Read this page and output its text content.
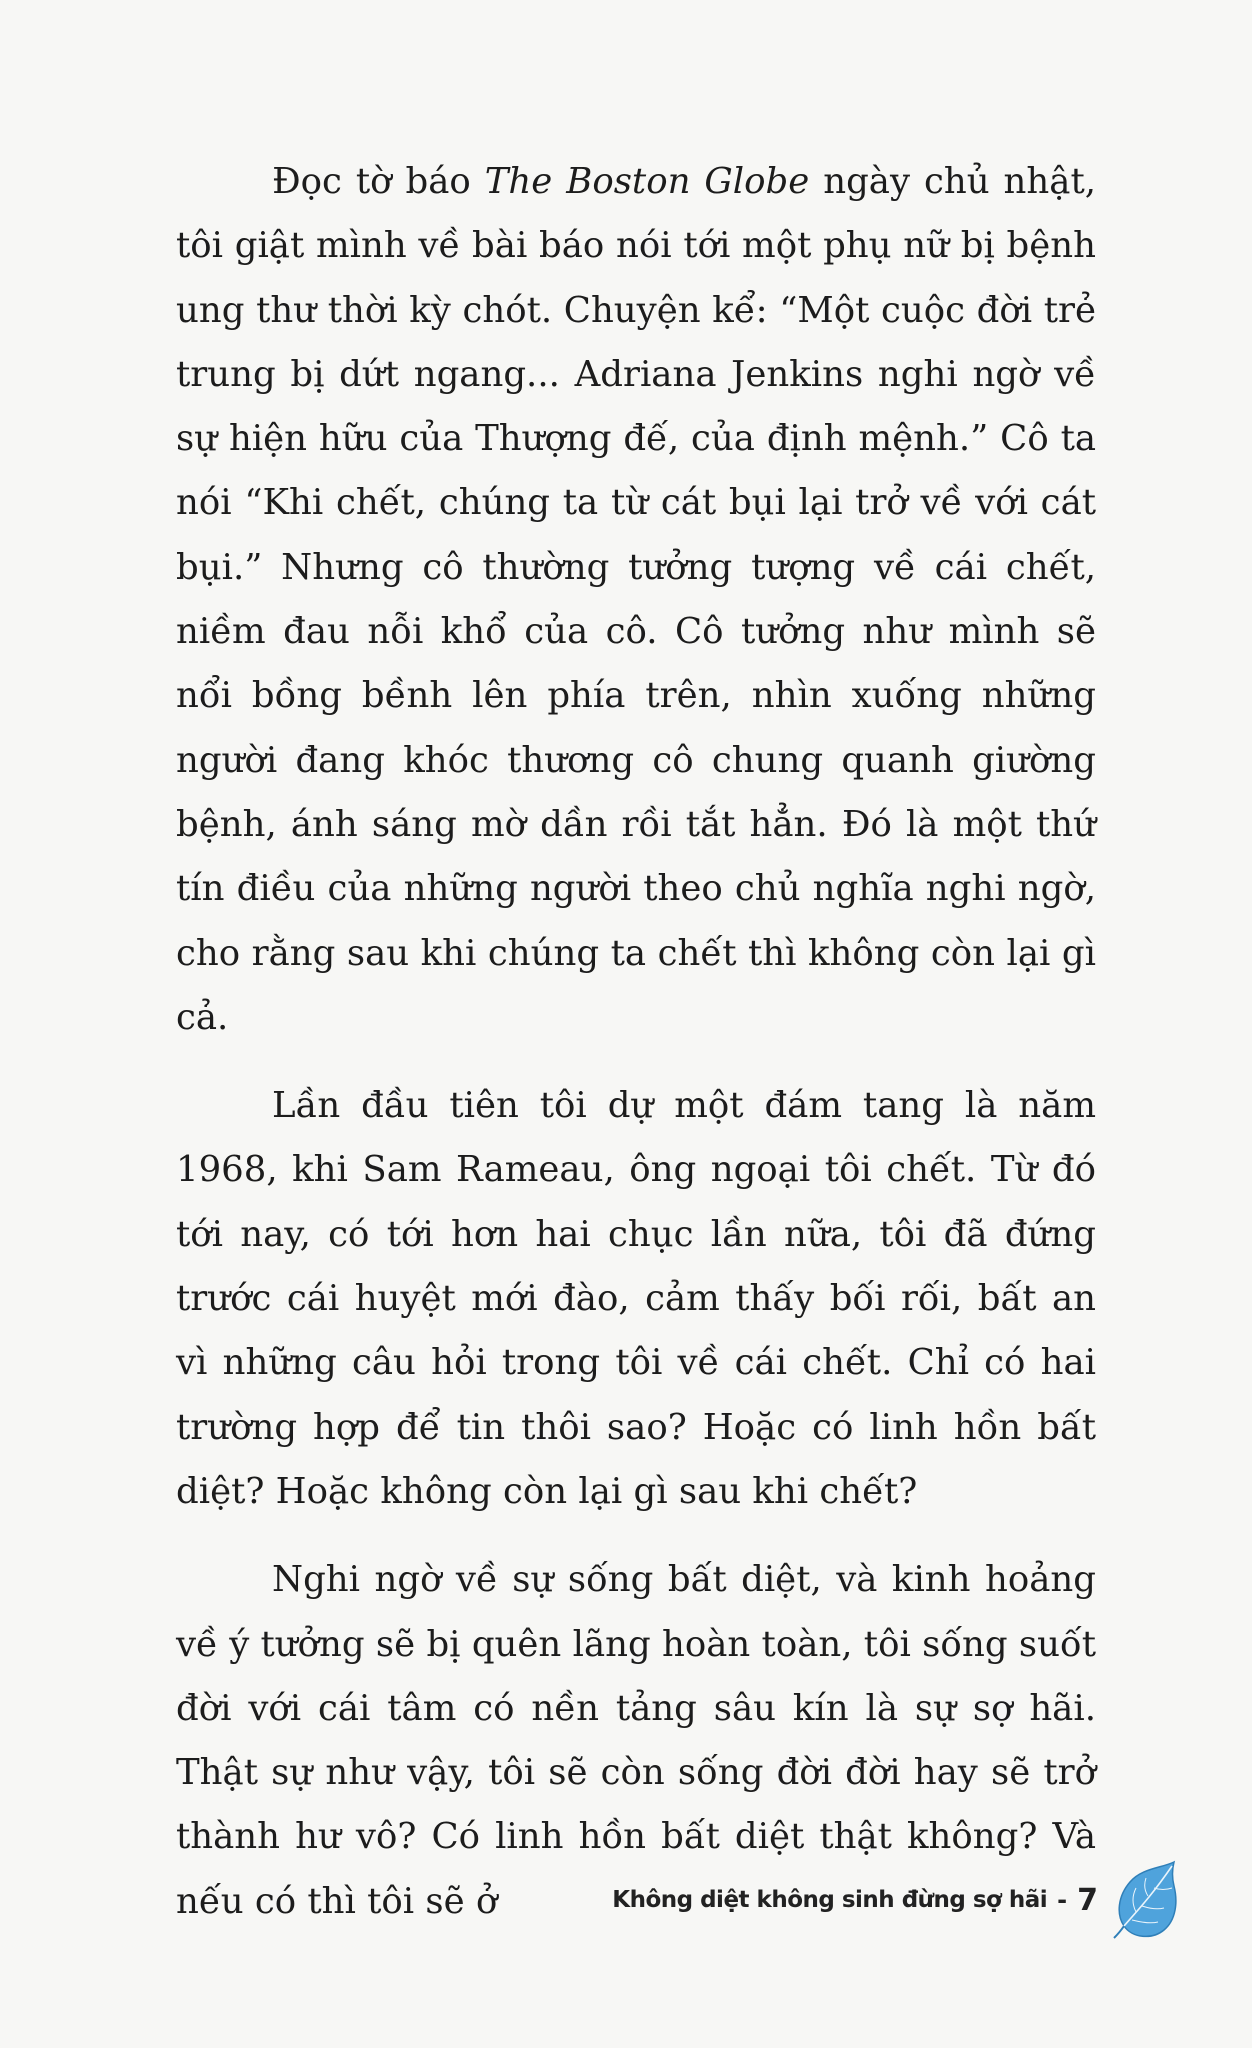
Đọc tờ báo The Boston Globe ngày chủ nhật, tôi giật mình về bài báo nói tới một phụ nữ bị bệnh ung thư thời kỳ chót. Chuyện kể: “Một cuộc đời trẻ trung bị dứt ngang... Adriana Jenkins nghi ngờ về sự hiện hữu của Thượng đế, của định mệnh.” Cô ta nói “Khi chết, chúng ta từ cát bụi lại trở về với cát bụi.” Nhưng cô thường tưởng tượng về cái chết, niềm đau nỗi khổ của cô. Cô tưởng như mình sẽ nổi bồng bềnh lên phía trên, nhìn xuống những người đang khóc thương cô chung quanh giường bệnh, ánh sáng mờ dần rồi tắt hẳn. Đó là một thứ tín điều của những người theo chủ nghĩa nghi ngờ, cho rằng sau khi chúng ta chết thì không còn lại gì cả.

Lần đầu tiên tôi dự một đám tang là năm 1968, khi Sam Rameau, ông ngoại tôi chết. Từ đó tới nay, có tới hơn hai chục lần nữa, tôi đã đứng trước cái huyệt mới đào, cảm thấy bối rối, bất an vì những câu hỏi trong tôi về cái chết. Chỉ có hai trường hợp để tin thôi sao? Hoặc có linh hồn bất diệt? Hoặc không còn lại gì sau khi chết?

Nghi ngờ về sự sống bất diệt, và kinh hoảng về ý tưởng sẽ bị quên lãng hoàn toàn, tôi sống suốt đời với cái tâm có nền tảng sâu kín là sự sợ hãi. Thật sự như vậy, tôi sẽ còn sống đời đời hay sẽ trở thành hư vô? Có linh hồn bất diệt thật không? Và nếu có thì tôi sẽ ở	Không diệt không sinh đừng sợ hãi - 7
